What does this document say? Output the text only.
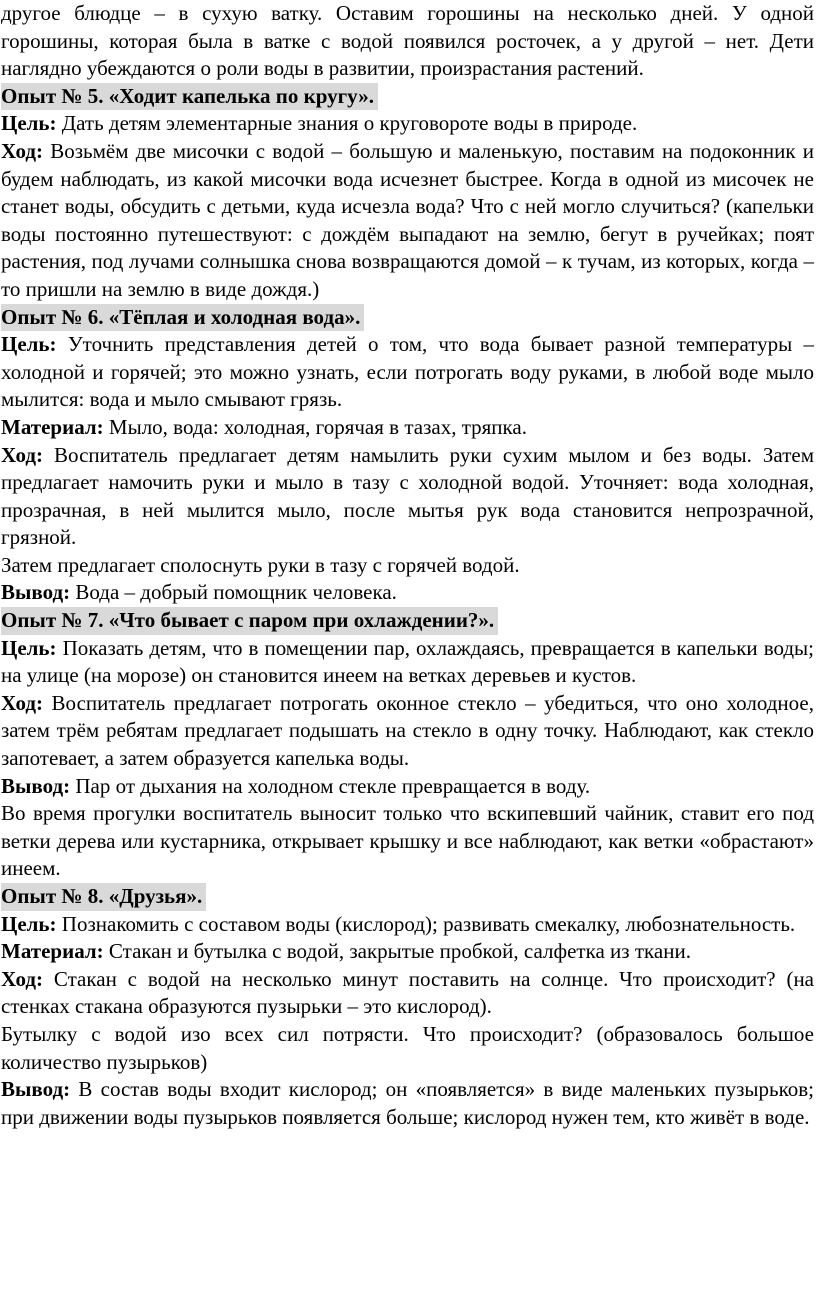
другое блюдце – в сухую ватку. Оставим горошины на несколько дней. У одной горошины, которая была в ватке с водой появился росточек, а у другой – нет. Дети наглядно убеждаются о роли воды в развитии, произрастания растений.

Опыт № 5. «Ходит капелька по кругу».

Цель: Дать детям элементарные знания о круговороте воды в природе.

Ход: Возьмём две мисочки с водой – большую и маленькую, поставим на подоконник и будем наблюдать, из какой мисочки вода исчезнет быстрее. Когда в одной из мисочек не станет воды, обсудить с детьми, куда исчезла вода? Что с ней могло случиться? (капельки воды постоянно путешествуют: с дождём выпадают на землю, бегут в ручейках; поят растения, под лучами солнышка снова возвращаются домой – к тучам, из которых, когда – то пришли на землю в виде дождя.)

Опыт № 6. «Тёплая и холодная вода».

Цель: Уточнить представления детей о том, что вода бывает разной температуры – холодной и горячей; это можно узнать, если потрогать воду руками, в любой воде мыло мылится: вода и мыло смывают грязь.

Материал: Мыло, вода: холодная, горячая в тазах, тряпка.

Ход: Воспитатель предлагает детям намылить руки сухим мылом и без воды. Затем предлагает намочить руки и мыло в тазу с холодной водой. Уточняет: вода холодная, прозрачная, в ней мылится мыло, после мытья рук вода становится непрозрачной, грязной.

Затем предлагает сполоснуть руки в тазу с горячей водой.

Вывод: Вода – добрый помощник человека.

Опыт № 7. «Что бывает с паром при охлаждении?».

Цель: Показать детям, что в помещении пар, охлаждаясь, превращается в капельки воды; на улице (на морозе) он становится инеем на ветках деревьев и кустов.

Ход: Воспитатель предлагает потрогать оконное стекло – убедиться, что оно холодное, затем трём ребятам предлагает подышать на стекло в одну точку. Наблюдают, как стекло запотевает, а затем образуется капелька воды.

Вывод: Пар от дыхания на холодном стекле превращается в воду.

Во время прогулки воспитатель выносит только что вскипевший чайник, ставит его под ветки дерева или кустарника, открывает крышку и все наблюдают, как ветки «обрастают» инеем.

Опыт № 8. «Друзья».

Цель: Познакомить с составом воды (кислород); развивать смекалку, любознательность.

Материал: Стакан и бутылка с водой, закрытые пробкой, салфетка из ткани.

Ход: Стакан с водой на несколько минут поставить на солнце. Что происходит? (на стенках стакана образуются пузырьки – это кислород).

Бутылку с водой изо всех сил потрясти. Что происходит? (образовалось большое количество пузырьков)

Вывод: В состав воды входит кислород; он «появляется» в виде маленьких пузырьков; при движении воды пузырьков появляется больше; кислород нужен тем, кто живёт в воде.
